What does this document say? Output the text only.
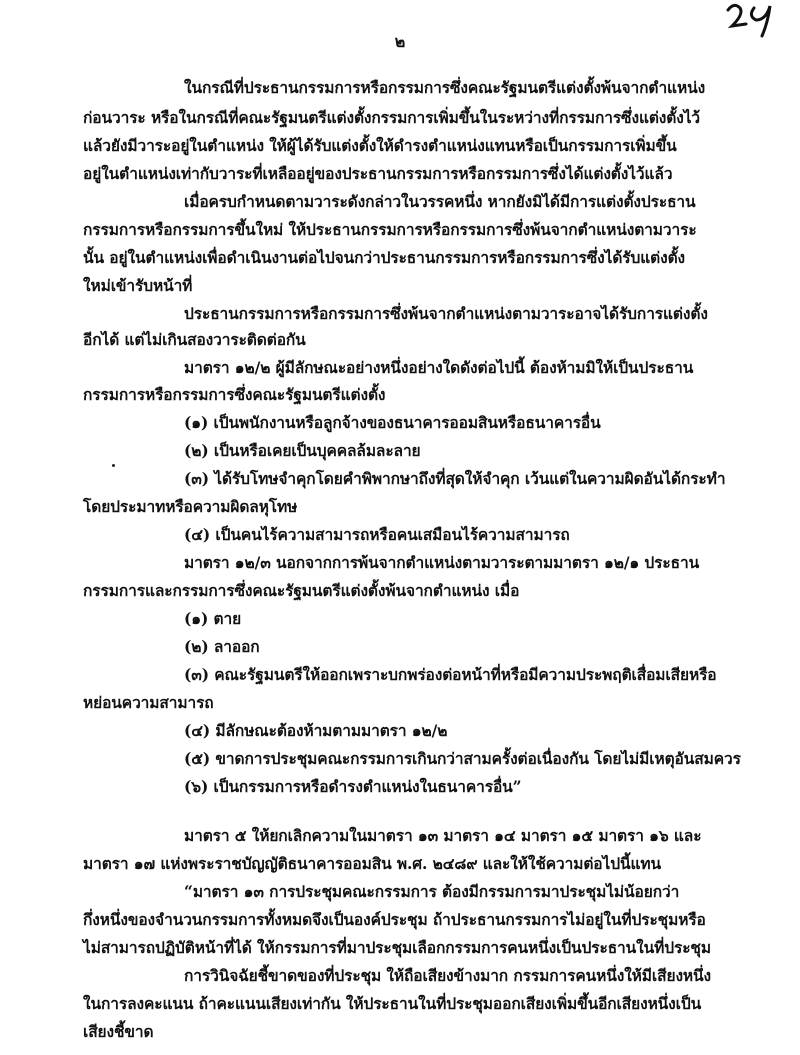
๒
ในกรณีที่ประธานกรรมการหรือกรรมการซึ่งคณะรัฐมนตรีแต่งตั้งพ้นจากตำแหน่ง
ก่อนวาระ หรือในกรณีที่คณะรัฐมนตรีแต่งตั้งกรรมการเพิ่มขึ้นในระหว่างที่กรรมการซึ่งแต่งตั้งไว้
แล้วยังมีวาระอยู่ในตำแหน่ง ให้ผู้ได้รับแต่งตั้งให้ดำรงตำแหน่งแทนหรือเป็นกรรมการเพิ่มขึ้น
อยู่ในตำแหน่งเท่ากับวาระที่เหลืออยู่ของประธานกรรมการหรือกรรมการซึ่งได้แต่งตั้งไว้แล้ว
เมื่อครบกำหนดตามวาระดังกล่าวในวรรคหนึ่ง หากยังมิได้มีการแต่งตั้งประธาน
กรรมการหรือกรรมการขึ้นใหม่ ให้ประธานกรรมการหรือกรรมการซึ่งพ้นจากตำแหน่งตามวาระ
นั้น อยู่ในตำแหน่งเพื่อดำเนินงานต่อไปจนกว่าประธานกรรมการหรือกรรมการซึ่งได้รับแต่งตั้ง
ใหม่เข้ารับหน้าที่
ประธานกรรมการหรือกรรมการซึ่งพ้นจากตำแหน่งตามวาระอาจได้รับการแต่งตั้ง
อีกได้ แต่ไม่เกินสองวาระติดต่อกัน
มาตรา ๑๒/๒ ผู้มีลักษณะอย่างหนึ่งอย่างใดดังต่อไปนี้ ต้องห้ามมิให้เป็นประธาน
กรรมการหรือกรรมการซึ่งคณะรัฐมนตรีแต่งตั้ง
(๑) เป็นพนักงานหรือลูกจ้างของธนาคารออมสินหรือธนาคารอื่น
(๒) เป็นหรือเคยเป็นบุคคลล้มละลาย
(๓) ได้รับโทษจำคุกโดยคำพิพากษาถึงที่สุดให้จำคุก เว้นแต่ในความผิดอันได้กระทำ
โดยประมาทหรือความผิดลหุโทษ
(๔) เป็นคนไร้ความสามารถหรือคนเสมือนไร้ความสามารถ
มาตรา ๑๒/๓ นอกจากการพ้นจากตำแหน่งตามวาระตามมาตรา ๑๒/๑ ประธาน
กรรมการและกรรมการซึ่งคณะรัฐมนตรีแต่งตั้งพ้นจากตำแหน่ง เมื่อ
(๑) ตาย
(๒) ลาออก
(๓) คณะรัฐมนตรีให้ออกเพราะบกพร่องต่อหน้าที่หรือมีความประพฤติเสื่อมเสียหรือ
หย่อนความสามารถ
(๔) มีลักษณะต้องห้ามตามมาตรา ๑๒/๒
(๕) ขาดการประชุมคณะกรรมการเกินกว่าสามครั้งต่อเนื่องกัน โดยไม่มีเหตุอันสมควร
(๖) เป็นกรรมการหรือดำรงตำแหน่งในธนาคารอื่น”
มาตรา ๕ ให้ยกเลิกความในมาตรา ๑๓ มาตรา ๑๔ มาตรา ๑๕ มาตรา ๑๖ และ
มาตรา ๑๗ แห่งพระราชบัญญัติธนาคารออมสิน พ.ศ. ๒๔๘๙ และให้ใช้ความต่อไปนี้แทน
“มาตรา ๑๓ การประชุมคณะกรรมการ ต้องมีกรรมการมาประชุมไม่น้อยกว่า
กึ่งหนึ่งของจำนวนกรรมการทั้งหมดจึงเป็นองค์ประชุม ถ้าประธานกรรมการไม่อยู่ในที่ประชุมหรือ
ไม่สามารถปฏิบัติหน้าที่ได้ ให้กรรมการที่มาประชุมเลือกกรรมการคนหนึ่งเป็นประธานในที่ประชุม
การวินิจฉัยชี้ขาดของที่ประชุม ให้ถือเสียงข้างมาก กรรมการคนหนึ่งให้มีเสียงหนึ่ง
ในการลงคะแนน ถ้าคะแนนเสียงเท่ากัน ให้ประธานในที่ประชุมออกเสียงเพิ่มขึ้นอีกเสียงหนึ่งเป็น
เสียงชี้ขาด
